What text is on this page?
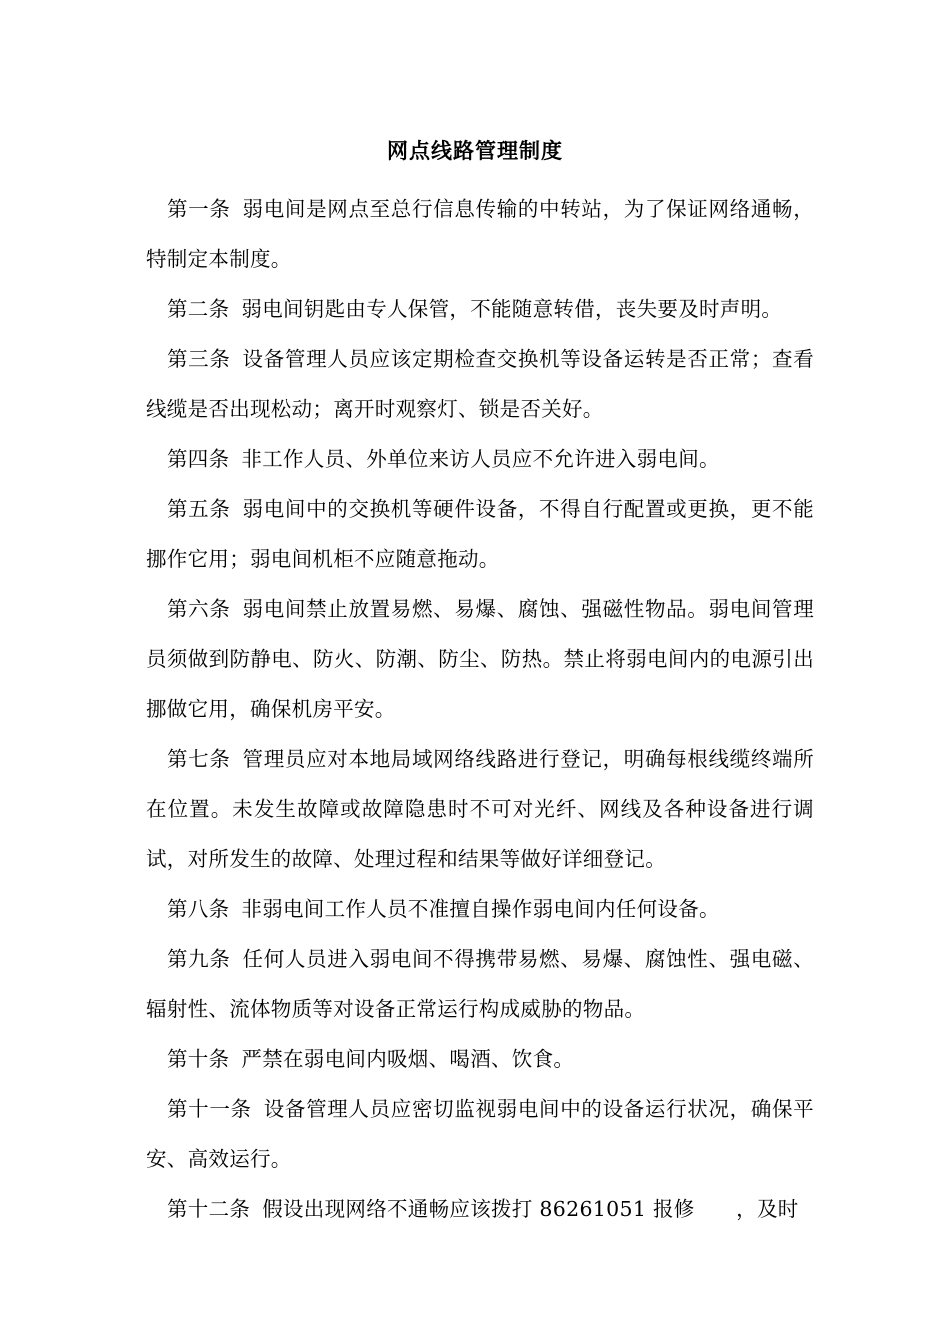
网点线路管理制度

第一条 弱电间是网点至总行信息传输的中转站，为了保证网络通畅，特制定本制度。

第二条 弱电间钥匙由专人保管，不能随意转借，丧失要及时声明。

第三条 设备管理人员应该定期检查交换机等设备运转是否正常；查看线缆是否出现松动；离开时观察灯、锁是否关好。

第四条 非工作人员、外单位来访人员应不允许进入弱电间。

第五条 弱电间中的交换机等硬件设备，不得自行配置或更换，更不能挪作它用；弱电间机柜不应随意拖动。

第六条 弱电间禁止放置易燃、易爆、腐蚀、强磁性物品。弱电间管理员须做到防静电、防火、防潮、防尘、防热。禁止将弱电间内的电源引出挪做它用，确保机房平安。

第七条 管理员应对本地局域网络线路进行登记，明确每根线缆终端所在位置。未发生故障或故障隐患时不可对光纤、网线及各种设备进行调试，对所发生的故障、处理过程和结果等做好详细登记。

第八条 非弱电间工作人员不准擅自操作弱电间内任何设备。

第九条 任何人员进入弱电间不得携带易燃、易爆、腐蚀性、强电磁、辐射性、流体物质等对设备正常运行构成威胁的物品。

第十条 严禁在弱电间内吸烟、喝酒、饮食。

第十一条 设备管理人员应密切监视弱电间中的设备运行状况，确保平安、高效运行。

第十二条 假设出现网络不通畅应该拨打 86261051 报修　　，及时
